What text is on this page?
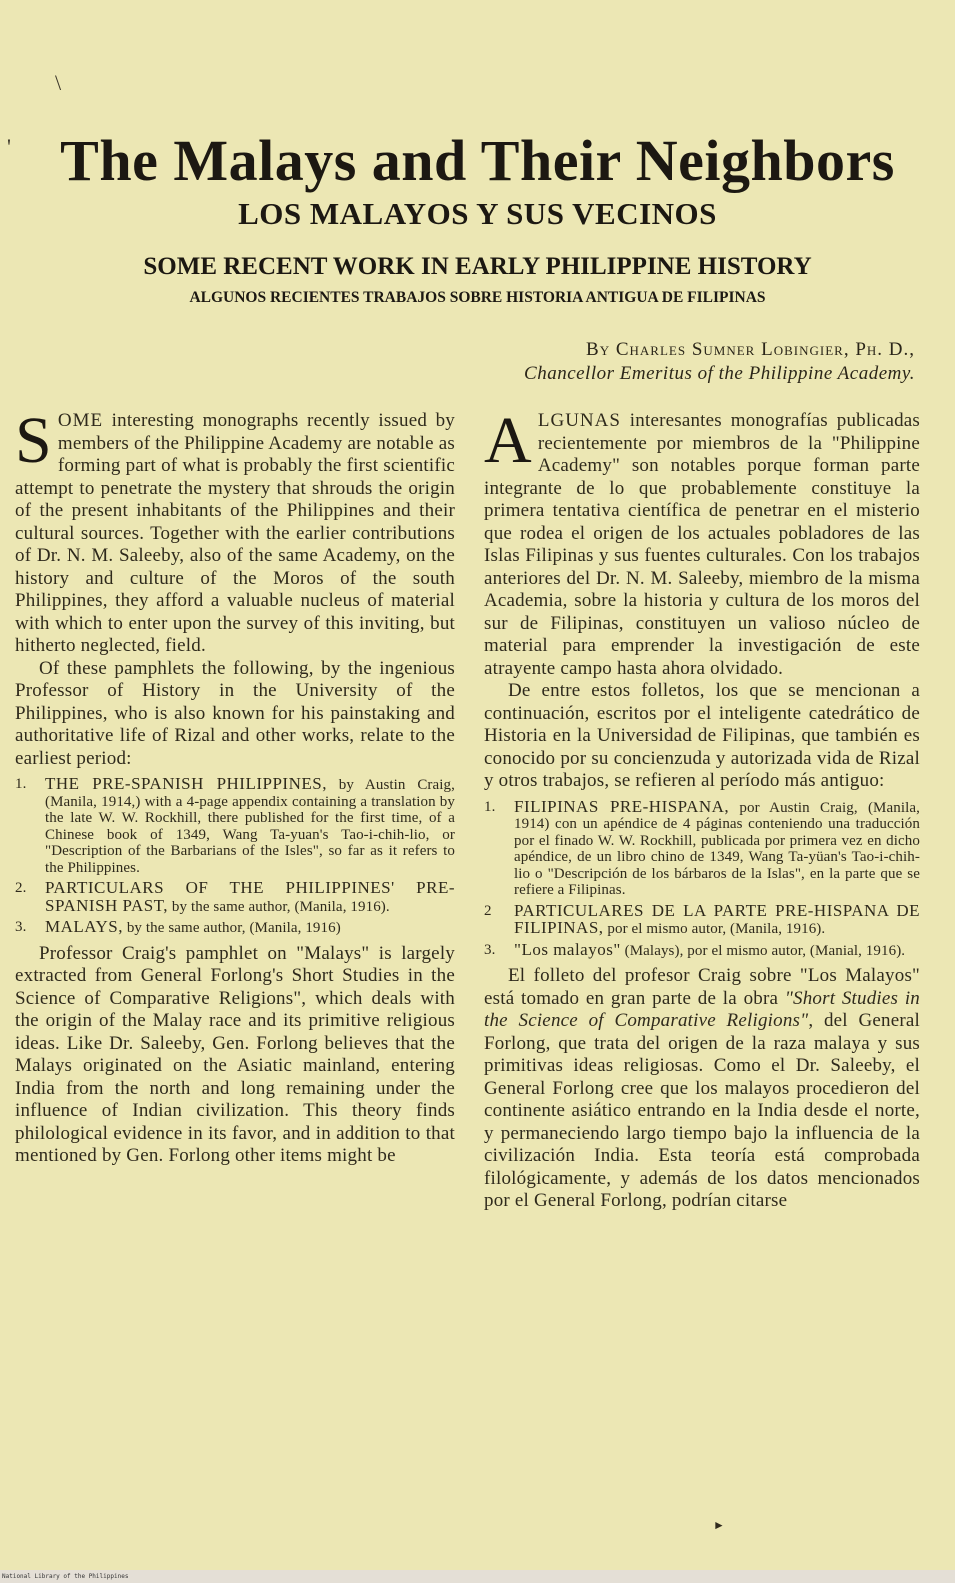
\
' The Malays and Their Neighbors
LOS MALAYOS Y SUS VECINOS
SOME RECENT WORK IN EARLY PHILIPPINE HISTORY
ALGUNOS RECIENTES TRABAJOS SOBRE HISTORIA ANTIGUA DE FILIPINAS
By Charles Sumner Lobingier, Ph. D.,
Chancellor Emeritus of the Philippine Academy.

SOME interesting monographs recently issued by members of the Philippine Academy are notable as forming part of what is probably the first scientific attempt to penetrate the mystery that shrouds the origin of the present inhabitants of the Philippines and their cultural sources. Together with the earlier contributions of Dr. N. M. Saleeby, also of the same Academy, on the history and culture of the Moros of the south Philippines, they afford a valuable nucleus of material with which to enter upon the survey of this inviting, but hitherto neglected, field.

Of these pamphlets the following, by the ingenious Professor of History in the University of the Philippines, who is also known for his painstaking and authoritative life of Rizal and other works, relate to the earliest period:

1. THE PRE-SPANISH PHILIPPINES, by Austin Craig, (Manila, 1914,) with a 4-page appendix containing a translation by the late W. W. Rockhill, there published for the first time, of a Chinese book of 1349, Wang Ta-yuan's Tao-i-chih-lio, or "Description of the Barbarians of the Isles", so far as it refers to the Philippines.
2. PARTICULARS OF THE PHILIPPINES' PRE-SPANISH PAST, by the same author, (Manila, 1916).
3. MALAYS, by the same author, (Manila, 1916)

Professor Craig's pamphlet on "Malays" is largely extracted from General Forlong's Short Studies in the Science of Comparative Religions", which deals with the origin of the Malay race and its primitive religious ideas. Like Dr. Saleeby, Gen. Forlong believes that the Malays originated on the Asiatic mainland, entering India from the north and long remaining under the influence of Indian civilization. This theory finds philological evidence in its favor, and in addition to that mentioned by Gen. Forlong other items might be

ALGUNAS interesantes monografías publicadas recientemente por miembros de la "Philippine Academy" son notables porque forman parte integrante de lo que probablemente constituye la primera tentativa científica de penetrar en el misterio que rodea el origen de los actuales pobladores de las Islas Filipinas y sus fuentes culturales. Con los trabajos anteriores del Dr. N. M. Saleeby, miembro de la misma Academia, sobre la historia y cultura de los moros del sur de Filipinas, constituyen un valioso núcleo de material para emprender la investigación de este atrayente campo hasta ahora olvidado.

De entre estos folletos, los que se mencionan a continuación, escritos por el inteligente catedrático de Historia en la Universidad de Filipinas, que también es conocido por su concienzuda y autorizada vida de Rizal y otros trabajos, se refieren al período más antiguo:

1. FILIPINAS PRE-HISPANA, por Austin Craig, (Manila, 1914) con un apéndice de 4 páginas conteniendo una traducción por el finado W. W. Rockhill, publicada por primera vez en dicho apéndice, de un libro chino de 1349, Wang Ta-yüan's Tao-i-chih-lio o "Descripción de los bárbaros de la Islas", en la parte que se refiere a Filipinas.
2 PARTICULARES DE LA PARTE PRE-HISPANA DE FILIPINAS, por el mismo autor, (Manila, 1916).
3. "Los malayos" (Malays), por el mismo autor, (Manial, 1916).

El folleto del profesor Craig sobre "Los Malayos" está tomado en gran parte de la obra "Short Studies in the Science of Comparative Religions", del General Forlong, que trata del origen de la raza malaya y sus primitivas ideas religiosas. Como el Dr. Saleeby, el General Forlong cree que los malayos procedieron del continente asiático entrando en la India desde el norte, y permaneciendo largo tiempo bajo la influencia de la civilización India. Esta teoría está comprobada filológicamente, y además de los datos mencionados por el General Forlong, podrían citarse

►
National Library of the Philippines
